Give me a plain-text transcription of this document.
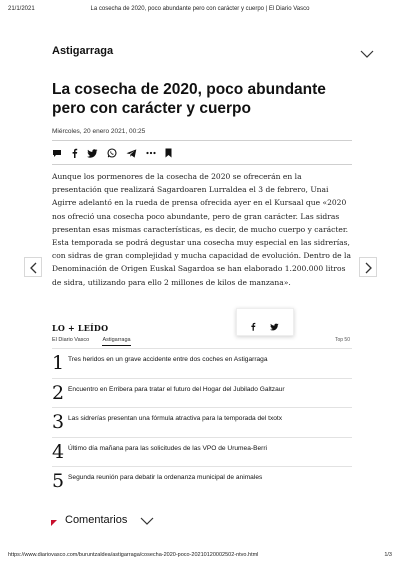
21/1/2021	La cosecha de 2020, poco abundante pero con carácter y cuerpo | El Diario Vasco
Astigarraga
La cosecha de 2020, poco abundante pero con carácter y cuerpo
Miércoles, 20 enero 2021, 00:25

Aunque los pormenores de la cosecha de 2020 se ofrecerán en la presentación que realizará Sagardoaren Lurraldea el 3 de febrero, Unai Agirre adelantó en la rueda de prensa ofrecida ayer en el Kursaal que «2020 nos ofreció una cosecha poco abundante, pero de gran carácter. Las sidras presentan esas mismas características, es decir, de mucho cuerpo y carácter. Esta temporada se podrá degustar una cosecha muy especial en las sidrerías, con sidras de gran complejidad y mucha capacidad de evolución. Dentro de la Denominación de Origen Euskal Sagardoa se han elaborado 1.200.000 litros de sidra, utilizando para ello 2 millones de kilos de manzana».

LO + LEÍDO
El Diario Vasco Astigarraga	Top 50
1 Tres heridos en un grave accidente entre dos coches en Astigarraga
2 Encuentro en Erribera para tratar el futuro del Hogar del Jubilado Galtzaur
3 Las sidrerías presentan una fórmula atractiva para la temporada del txotx
4 Último día mañana para las solicitudes de las VPO de Urumea-Berri
5 Segunda reunión para debatir la ordenanza municipal de animales
Comentarios
https://www.diariovasco.com/buruntzaldea/astigarraga/cosecha-2020-poco-20210120002502-ntvo.html	1/3
